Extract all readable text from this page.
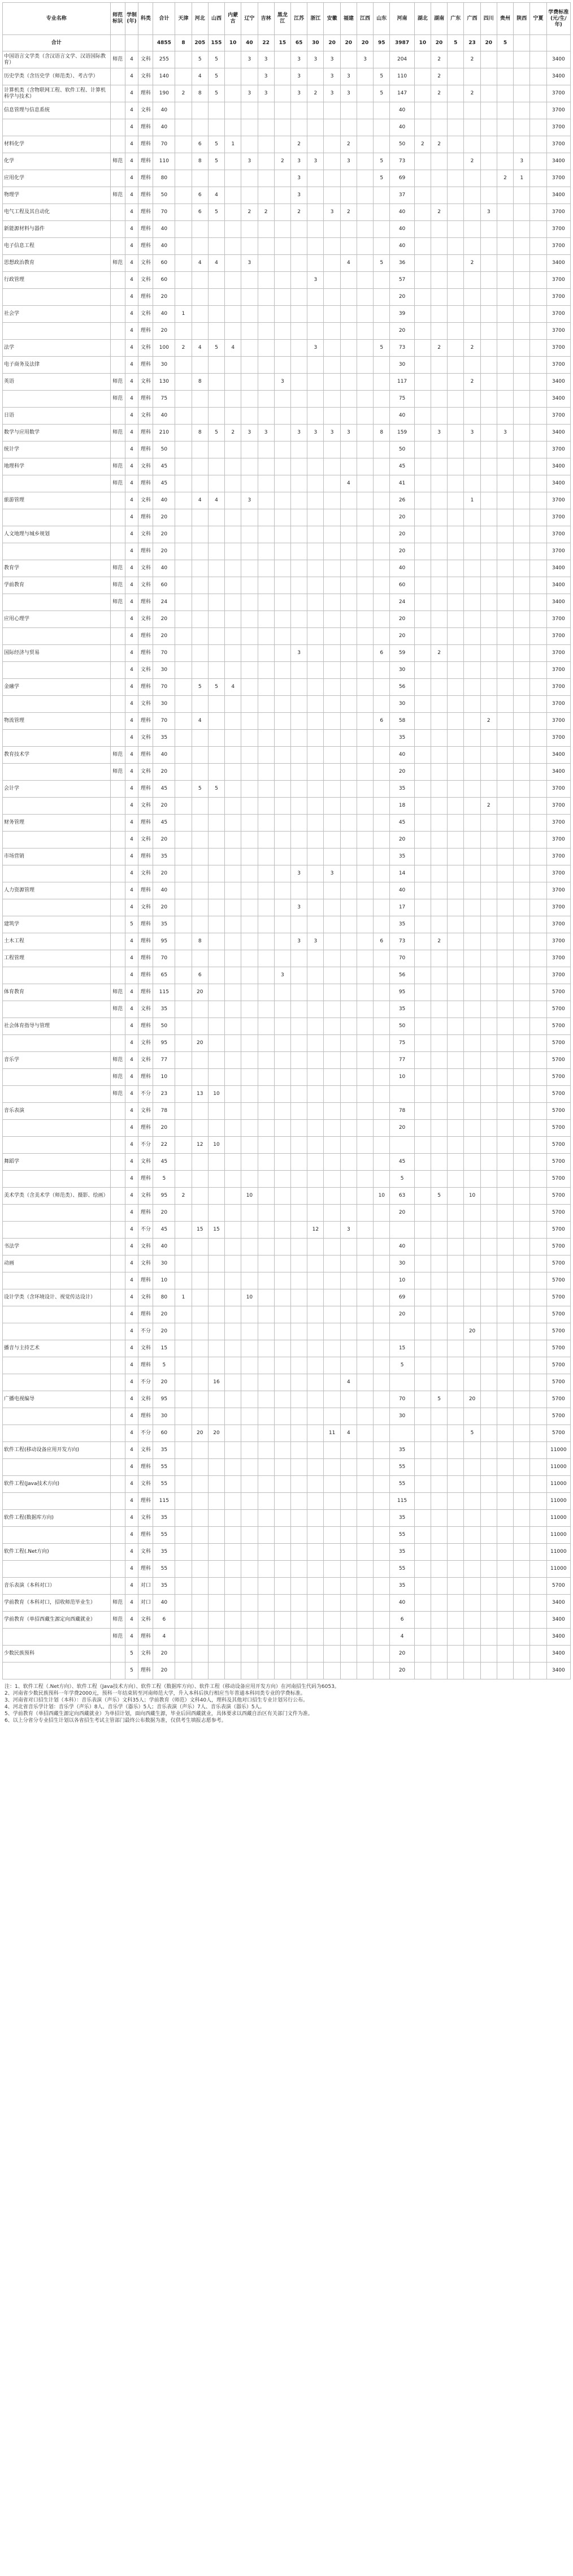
专业名称	师范标识	学制(年)	科类	合计	天津	河北	山西	内蒙古	辽宁	吉林	黑龙江	江苏	浙江	安徽	福建	江西	山东	河南	湖北	湖南	广东	广西	四川	贵州	陕西	宁夏	学费标准(元/生/年)
合计				4855	8	205	155	10	40	22	15	65	30	20	20	20	95	3987	10	20	5	23	20	5			
中国语言文学类（含汉语言文学、汉语国际教育）	师范	4	文科	255		5	5		3	3		3	3	3		3		204		2		2					3400
历史学类（含历史学（师范类）、考古学）		4	文科	140		4	5			3		3		3	3		5	110		2							3400
计算机类（含物联网工程、软件工程、计算机科学与技术）		4	理科	190	2	8	5		3	3		3	2	3	3		5	147		2		2					3700
信息管理与信息系统		4	文科	40														40									3700
		4	理科	40														40									3700
材料化学		4	理科	70		6	5	1				2			2			50	2	2							3700
化学	师范	4	理科	110		8	5		3		2	3	3		3		5	73				2			3		3400
应用化学		4	理科	80								3					5	69						2	1		3700
物理学	师范	4	理科	50		6	4					3						37									3400
电气工程及其自动化		4	理科	70		6	5		2	2		2		3	2			40		2			3				3700
新能源材料与器件		4	理科	40														40									3700
电子信息工程		4	理科	40														40									3700
思想政治教育	师范	4	文科	60		4	4		3						4		5	36				2					3400
行政管理		4	文科	60									3					57									3700
		4	理科	20														20									3700
社会学		4	文科	40	1													39									3700
		4	理科	20														20									3700
法学		4	文科	100	2	4	5	4					3				5	73		2		2					3700
电子商务及法律		4	理科	30														30									3700
英语	师范	4	文科	130		8					3							117				2					3400
	师范	4	理科	75														75									3400
日语		4	文科	40														40									3700
数学与应用数学	师范	4	理科	210		8	5	2	3	3		3	3	3	3		8	159		3		3		3			3400
统计学		4	理科	50														50									3700
地理科学	师范	4	文科	45														45									3400
	师范	4	理科	45											4			41									3400
旅游管理		4	文科	40		4	4		3									26				1					3700
		4	理科	20														20									3700
人文地理与城乡规划		4	文科	20														20									3700
		4	理科	20														20									3700
教育学	师范	4	文科	40														40									3400
学前教育	师范	4	文科	60														60									3400
	师范	4	理科	24														24									3400
应用心理学		4	文科	20														20									3700
		4	理科	20														20									3700
国际经济与贸易		4	理科	70								3					6	59		2							3700
		4	文科	30														30									3700
金融学		4	理科	70		5	5	4										56									3700
		4	文科	30														30									3700
物流管理		4	理科	70		4											6	58					2				3700
		4	文科	35														35									3700
教育技术学	师范	4	理科	40														40									3400
	师范	4	文科	20														20									3400
会计学		4	理科	45		5	5											35									3700
		4	文科	20														18					2				3700
财务管理		4	理科	45														45									3700
		4	文科	20														20									3700
市场营销		4	理科	35														35									3700
		4	文科	20								3		3				14									3700
人力资源管理		4	理科	40														40									3700
		4	文科	20								3						17									3700
建筑学		5	理科	35														35									3700
土木工程		4	理科	95		8						3	3				6	73		2							3700
工程管理		4	理科	70														70									3700
		4	理科	65		6					3							56									3700
体育教育	师范	4	理科	115		20												95									5700
	师范	4	文科	35														35									5700
社会体育指导与管理		4	理科	50														50									5700
		4	文科	95		20												75									5700
音乐学	师范	4	文科	77														77									5700
	师范	4	理科	10														10									5700
	师范	4	不分	23		13	10																				5700
音乐表演		4	文科	78														78									5700
		4	理科	20														20									5700
		4	不分	22		12	10																				5700
舞蹈学		4	文科	45														45									5700
		4	理科	5														5									5700
美术学类（含美术学（师范类）、摄影、绘画）		4	文科	95	2				10								10	63		5		10					5700
		4	理科	20														20									5700
		4	不分	45		15	15						12		3												5700
书法学		4	文科	40														40									5700
动画		4	文科	30														30									5700
		4	理科	10														10									5700
设计学类（含环境设计、视觉传达设计）		4	文科	80	1				10									69									5700
		4	理科	20														20									5700
		4	不分	20																		20					5700
播音与主持艺术		4	文科	15														15									5700
		4	理科	5														5									5700
		4	不分	20			16								4												5700
广播电视编导		4	文科	95														70		5		20					5700
		4	理科	30														30									5700
		4	不分	60		20	20							11	4							5					5700
软件工程(移动设备应用开发方向)		4	文科	35														35									11000
		4	理科	55														55									11000
软件工程(Java技术方向)		4	文科	55														55									11000
		4	理科	115														115									11000
软件工程(数据库方向)		4	文科	35														35									11000
		4	理科	55														55									11000
软件工程(.Net方向)		4	文科	35														35									11000
		4	理科	55														55									11000
音乐表演（本科对口）		4	对口	35														35									5700
学前教育（本科对口，招收师范毕业生）	师范	4	对口	40														40									3400
学前教育（单招西藏生源定向西藏就业）	师范	4	文科	6														6									3400
	师范	4	理科	4														4									3400
少数民族预科		5	文科	20														20									3400
		5	理科	20														20									3400

注：1、软件工程（.Net方向）、软件工程（Java技术方向）、软件工程（数据库方向）、软件工程（移动设备应用开发方向）在河南招生代码为6053。

2、河南省少数民族预科一年学费2000元，预科一年结束转至河南师范大学，升入本科后执行相应当年普通本科同类专业的学费标准。

3、河南省对口招生计划（本科）：音乐表演（声乐）文科35人；学前教育（师范）文科40人，理科及其他对口招生专业计划另行公布。

4、河北省音乐学计划：音乐学（声乐）8人、音乐学（器乐）5人；音乐表演（声乐）7人、音乐表演（器乐）5人。

5、学前教育（单招西藏生源定向西藏就业）为单招计划，面向西藏生源，毕业后回西藏就业，具体要求以西藏自治区有关部门文件为准。

6、以上分省分专业招生计划以各省招生考试主管部门最终公布数据为准，仅供考生填报志愿参考。
